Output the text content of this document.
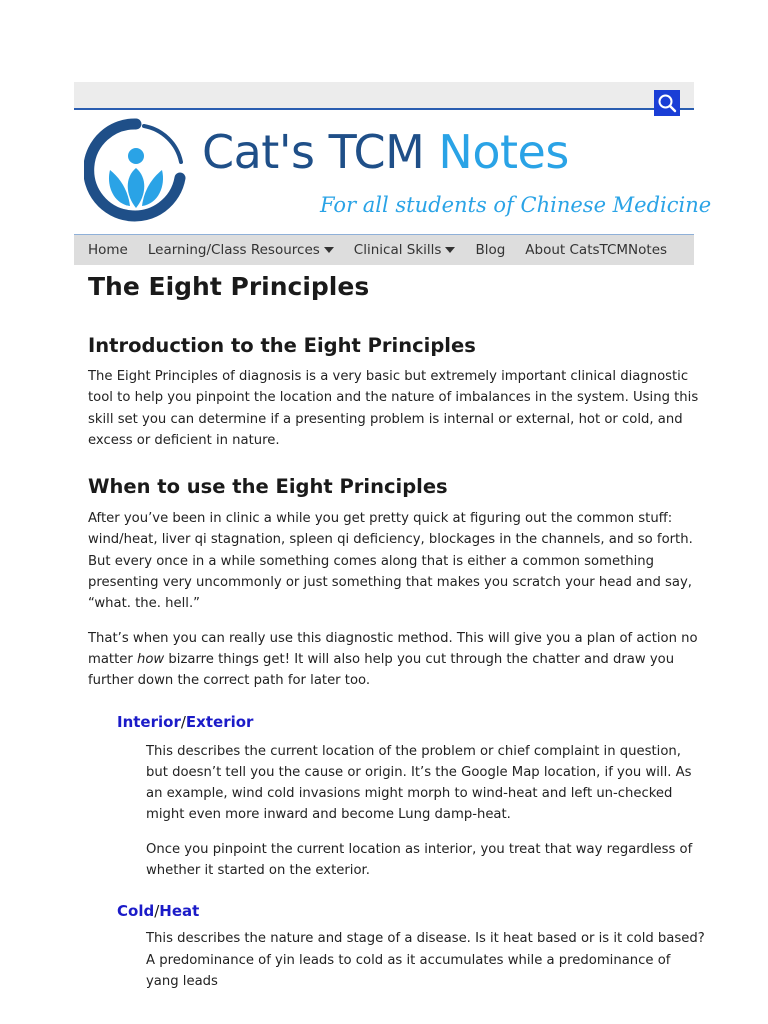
Cat's TCM Notes
For all students of Chinese Medicine
Home Learning/Class Resources	Clinical Skills	Blog About CatsTCMNotes
The Eight Principles
Introduction to the Eight Principles

The Eight Principles of diagnosis is a very basic but extremely important clinical diagnostic tool to help you pinpoint the location and the nature of imbalances in the system. Using this skill set you can determine if a presenting problem is internal or external, hot or cold, and excess or deficient in nature.

When to use the Eight Principles

After you’ve been in clinic a while you get pretty quick at figuring out the common stuff: wind/heat, liver qi stagnation, spleen qi deficiency, blockages in the channels, and so forth. But every once in a while something comes along that is either a common something presenting very uncommonly or just something that makes you scratch your head and say, “what. the. hell.”

That’s when you can really use this diagnostic method. This will give you a plan of action no matter how bizarre things get! It will also help you cut through the chatter and draw you further down the correct path for later too.

Interior/Exterior

This describes the current location of the problem or chief complaint in question, but doesn’t tell you the cause or origin. It’s the Google Map location, if you will. As an example, wind cold invasions might morph to wind-heat and left un-checked might even more inward and become Lung damp-heat.

Once you pinpoint the current location as interior, you treat that way regardless of whether it started on the exterior.

Cold/Heat

This describes the nature and stage of a disease. Is it heat based or is it cold based? A predominance of yin leads to cold as it accumulates while a predominance of yang leads
